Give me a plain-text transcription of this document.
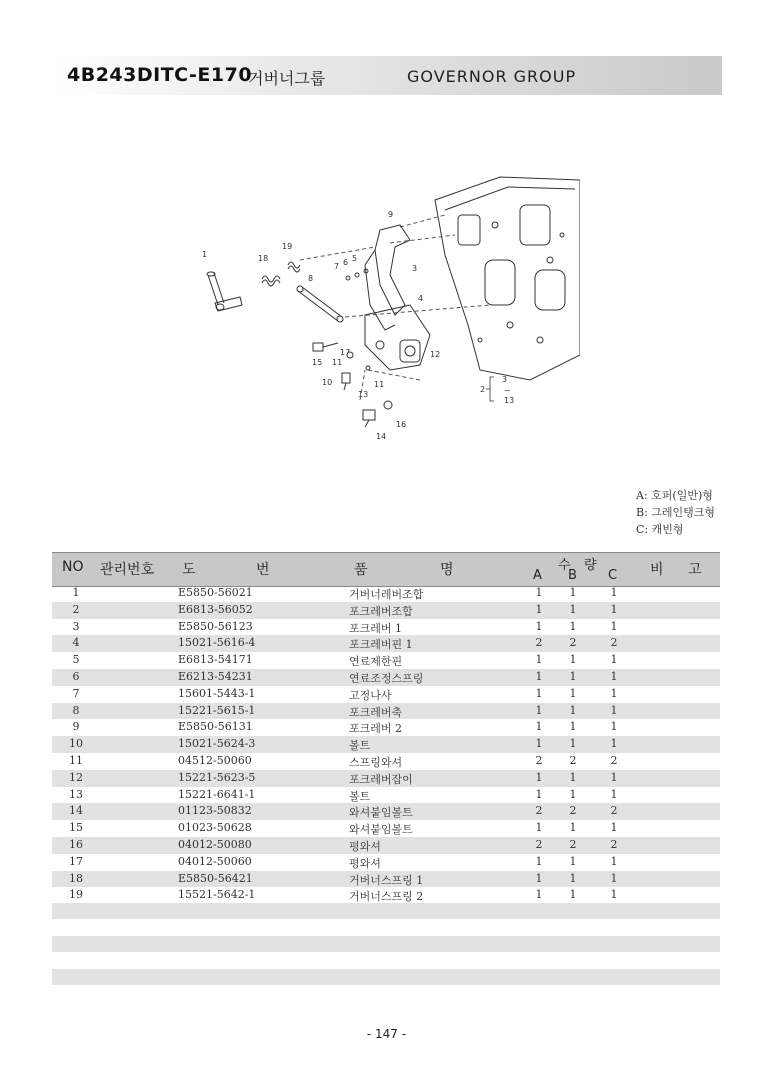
4B243DITC-E170
거버너그룹	GOVERNOR GROUP
1	18
19
8
7 6 5
9
3
4
12
17
15 11
10
13
11
14
16
2
3
13
~
A: 호퍼(일반)형
B: 그레인탱크형
C: 캐빈형
NO 관리번호 도	번	품	명	수 량
A B C 비 고
1	E5850-56021	거버너레버조합	1 1	1
2	E6813-56052	포크레버조합	1 1	1
3	E5850-56123	포크레버 1	1 1	1
4	15021-5616-4	포크레버핀 1	2 2	2
5	E6813-54171	연료제한핀	1 1	1
6	E6213-54231	연료조정스프링	1 1	1
7	15601-5443-1	고정나사	1 1	1
8	15221-5615-1	포크레버축	1 1	1
9	E5850-56131	포크레버 2	1 1	1
10	15021-5624-3	볼트	1 1	1
11	04512-50060	스프링와셔	2 2	2
12	15221-5623-5	포크레버잡이	1 1	1
13	15221-6641-1	볼트	1 1	1
14	01123-50832	와셔붙임볼트	2 2	2
15	01023-50628	와셔붙임볼트	1 1	1
16	04012-50080	평와셔	2 2	2
17	04012-50060	평와셔	1 1	1
18	E5850-56421	거버너스프링 1	1 1	1
19	15521-5642-1	거버너스프링 2	1 1	1
- 147 -
